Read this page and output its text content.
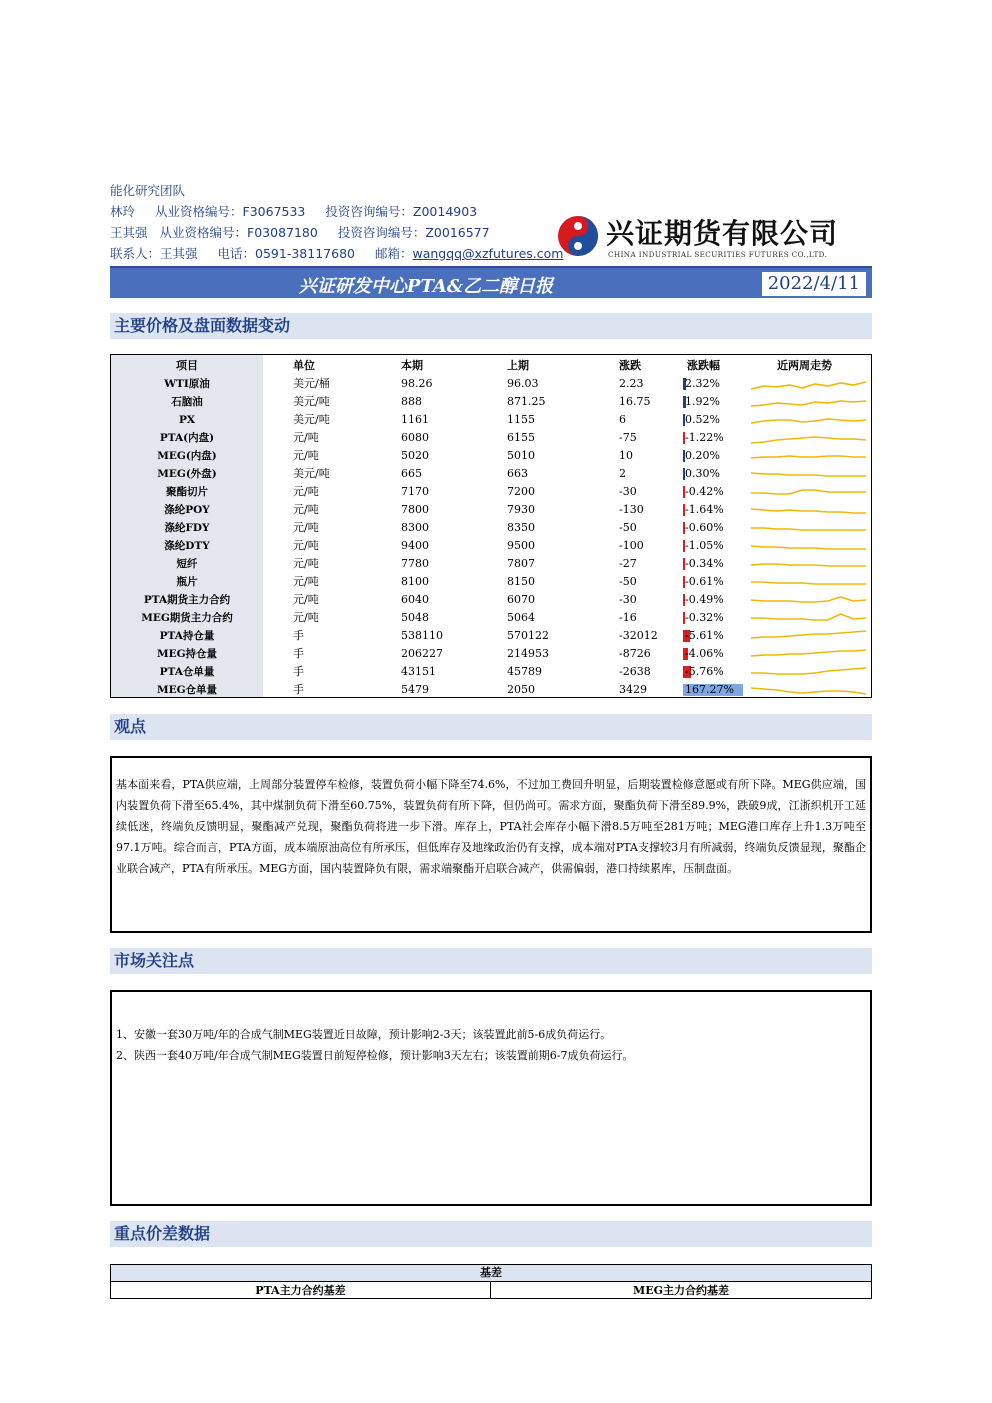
能化研究团队
林玲 从业资格编号：F3067533 投资咨询编号：Z0014903
王其强 从业资格编号：F03087180 投资咨询编号：Z0016577
联系人：王其强 电话：0591-38117680 邮箱：wangqq@xzfutures.com
兴证期货有限公司
CHINA INDUSTRIAL SECURITIES FUTURES CO.,LTD.
兴证研发中心PTA&乙二醇日报	2022/4/11
主要价格及盘面数据变动
项目	单位	本期	上期	涨跌	涨跌幅	近两周走势
WTI原油	美元/桶	98.26	96.03	2.23	2.32%
石脑油	美元/吨	888	871.25	16.75	1.92%
PX	美元/吨	1161	1155	6	0.52%
PTA(内盘)	元/吨	6080	6155	-75	-1.22%
MEG(内盘)	元/吨	5020	5010	10	0.20%
MEG(外盘)	美元/吨	665	663	2	0.30%
聚酯切片	元/吨	7170	7200	-30	-0.42%
涤纶POY	元/吨	7800	7930	-130	-1.64%
涤纶FDY	元/吨	8300	8350	-50	-0.60%
涤纶DTY	元/吨	9400	9500	-100	-1.05%
短纤	元/吨	7780	7807	-27	-0.34%
瓶片	元/吨	8100	8150	-50	-0.61%
PTA期货主力合约	元/吨	6040	6070	-30	-0.49%
MEG期货主力合约	元/吨	5048	5064	-16	-0.32%
PTA持仓量	手	538110	570122	-32012 -5.61%
MEG持仓量	手	206227	214953	-8726	-4.06%
PTA仓单量	手	43151	45789	-2638	-5.76%
MEG仓单量	手	5479	2050	3429	167.27%
观点

基本面来看，PTA供应端，上周部分装置停车检修，装置负荷小幅下降至74.6%，不过加工费回升明显，后期装置检修意愿或有所下降。MEG供应端，国内装置负荷下滑至65.4%，其中煤制负荷下滑至60.75%，装置负荷有所下降，但仍尚可。需求方面，聚酯负荷下滑至89.9%，跌破9成，江浙织机开工延续低迷，终端负反馈明显，聚酯减产兑现，聚酯负荷将进一步下滑。库存上，PTA社会库存小幅下滑8.5万吨至281万吨；MEG港口库存上升1.3万吨至97.1万吨。综合而言，PTA方面，成本端原油高位有所承压，但低库存及地缘政治仍有支撑，成本端对PTA支撑较3月有所减弱，终端负反馈显现，聚酯企业联合减产，PTA有所承压。MEG方面，国内装置降负有限，需求端聚酯开启联合减产，供需偏弱，港口持续累库，压制盘面。

市场关注点

1、安徽一套30万吨/年的合成气制MEG装置近日故障，预计影响2-3天；该装置此前5-6成负荷运行。

2、陕西一套40万吨/年合成气制MEG装置日前短停检修，预计影响3天左右；该装置前期6-7成负荷运行。

重点价差数据
基差
PTA主力合约基差	MEG主力合约基差
